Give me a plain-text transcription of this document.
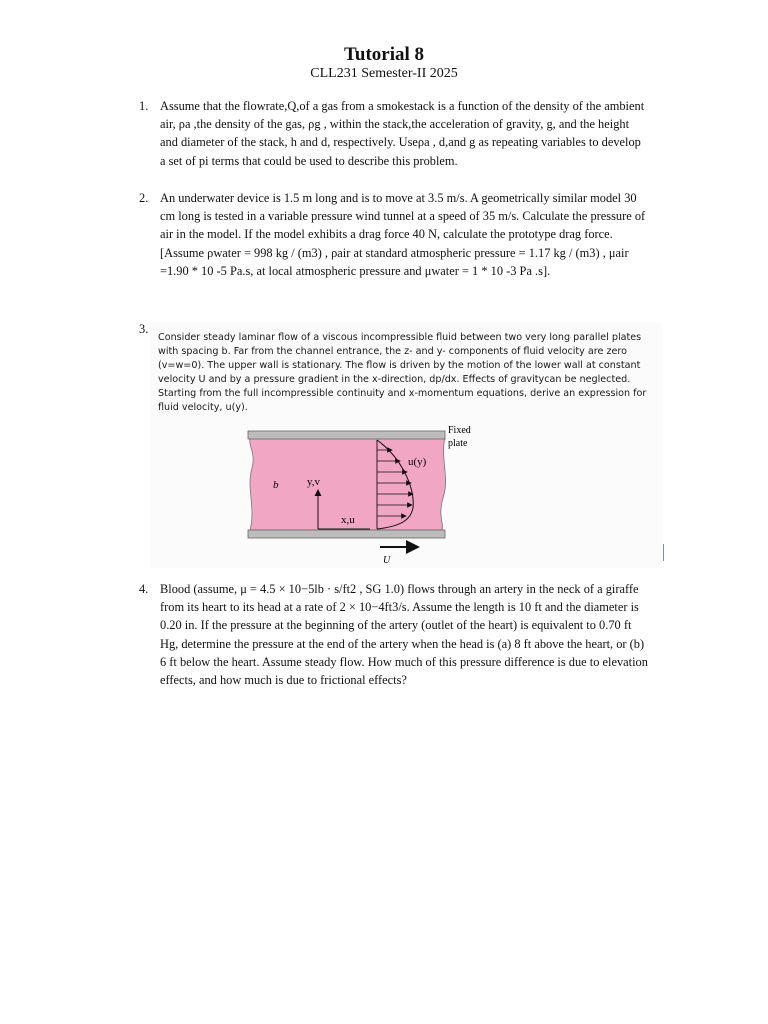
Tutorial 8
CLL231 Semester-II 2025
1. Assume that the flowrate,Q,of a gas from a smokestack is a function of the density of the ambient air, ρa ,the density of the gas, ρg , within the stack,the acceleration of gravity, g, and the height and diameter of the stack, h and d, respectively. Useρa , d,and g as repeating variables to develop a set of pi terms that could be used to describe this problem.
2. An underwater device is 1.5 m long and is to move at 3.5 m/s. A geometrically similar model 30 cm long is tested in a variable pressure wind tunnel at a speed of 35 m/s. Calculate the pressure of air in the model. If the model exhibits a drag force 40 N, calculate the prototype drag force. [Assume ρwater = 998 kg / (m3) , ρair at standard atmospheric pressure = 1.17 kg / (m3) , μair =1.90 * 10 -5 Pa.s, at local atmospheric pressure and μwater = 1 * 10 -3 Pa .s].
3.
Consider steady laminar flow of a viscous incompressible fluid between two very long parallel plates with spacing b. Far from the channel entrance, the z- and y- components of fluid velocity are zero (v=w=0). The upper wall is stationary. The flow is driven by the motion of the lower wall at constant velocity U and by a pressure gradient in the x-direction, dp/dx. Effects of gravitycan be neglected. Starting from the full incompressible continuity and x-momentum equations, derive an expression for fluid velocity, u(y).
b	y,v
x,u
u(y)
U
Fixed
plate
4. Blood (assume, μ = 4.5 × 10−5lb · s/ft2 , SG 1.0) flows through an artery in the neck of a giraffe from its heart to its head at a rate of 2 × 10−4ft3/s. Assume the length is 10 ft and the diameter is 0.20 in. If the pressure at the beginning of the artery (outlet of the heart) is equivalent to 0.70 ft Hg, determine the pressure at the end of the artery when the head is (a) 8 ft above the heart, or (b) 6 ft below the heart. Assume steady flow. How much of this pressure difference is due to elevation effects, and how much is due to frictional effects?
